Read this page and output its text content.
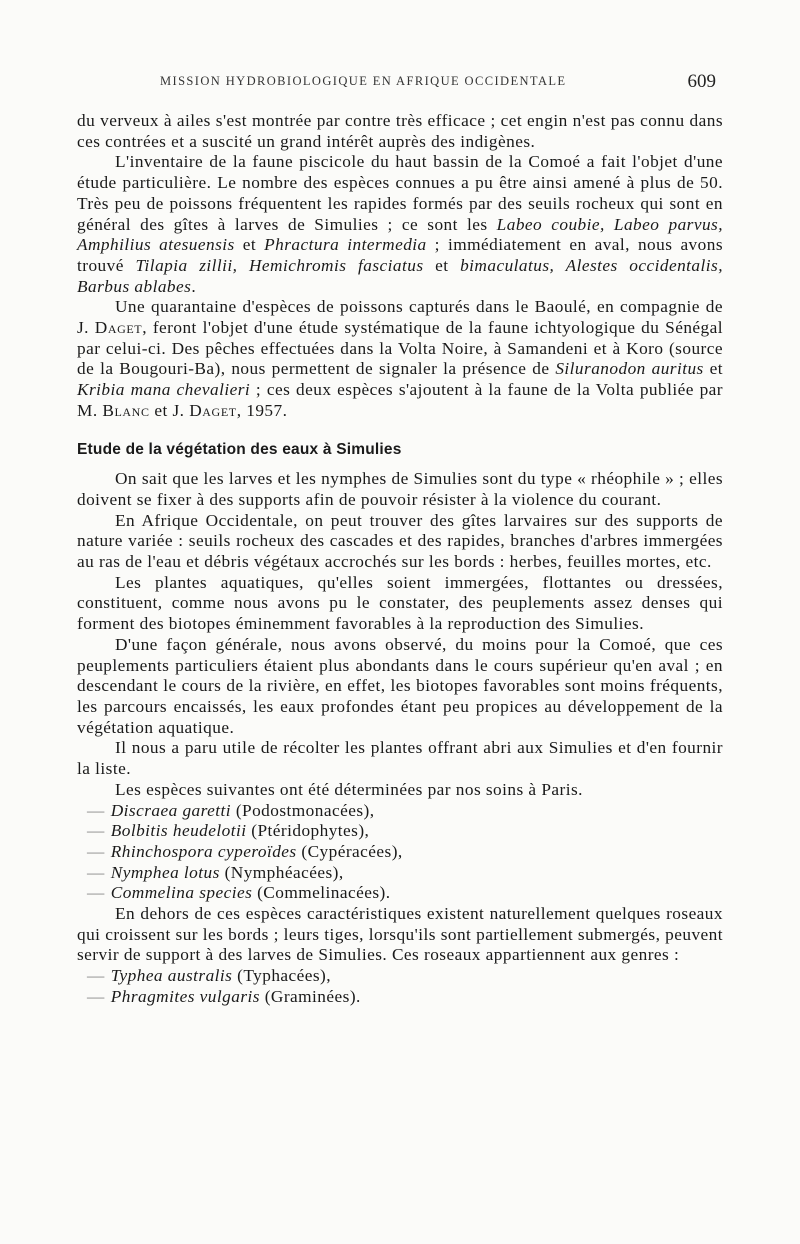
MISSION HYDROBIOLOGIQUE EN AFRIQUE OCCIDENTALE	609

du verveux à ailes s'est montrée par contre très efficace ; cet engin n'est pas connu dans ces contrées et a suscité un grand intérêt auprès des indigènes.

L'inventaire de la faune piscicole du haut bassin de la Comoé a fait l'objet d'une étude particulière. Le nombre des espèces connues a pu être ainsi amené à plus de 50. Très peu de poissons fréquentent les rapides formés par des seuils rocheux qui sont en général des gîtes à larves de Simulies ; ce sont les Labeo coubie, Labeo parvus, Amphilius atesuensis et Phractura intermedia ; immédiatement en aval, nous avons trouvé Tilapia zillii, Hemichromis fasciatus et bimaculatus, Alestes occidentalis, Barbus ablabes.

Une quarantaine d'espèces de poissons capturés dans le Baoulé, en compagnie de J. Daget, feront l'objet d'une étude systématique de la faune ichtyologique du Sénégal par celui-ci. Des pêches effectuées dans la Volta Noire, à Samandeni et à Koro (source de la Bougouri-Ba), nous permettent de signaler la présence de Siluranodon auritus et Kribia mana chevalieri ; ces deux espèces s'ajoutent à la faune de la Volta publiée par M. Blanc et J. Daget, 1957.

Etude de la végétation des eaux à Simulies

On sait que les larves et les nymphes de Simulies sont du type « rhéophile » ; elles doivent se fixer à des supports afin de pouvoir résister à la violence du courant.

En Afrique Occidentale, on peut trouver des gîtes larvaires sur des supports de nature variée : seuils rocheux des cascades et des rapides, branches d'arbres immergées au ras de l'eau et débris végétaux accrochés sur les bords : herbes, feuilles mortes, etc.

Les plantes aquatiques, qu'elles soient immergées, flottantes ou dressées, constituent, comme nous avons pu le constater, des peuplements assez denses qui forment des biotopes éminemment favorables à la reproduction des Simulies.

D'une façon générale, nous avons observé, du moins pour la Comoé, que ces peuplements particuliers étaient plus abondants dans le cours supérieur qu'en aval ; en descendant le cours de la rivière, en effet, les biotopes favorables sont moins fréquents, les parcours encaissés, les eaux profondes étant peu propices au développement de la végétation aquatique.

Il nous a paru utile de récolter les plantes offrant abri aux Simulies et d'en fournir la liste.

Les espèces suivantes ont été déterminées par nos soins à Paris.

— Discraea garetti (Podostmonacées),
— Bolbitis heudelotii (Ptéridophytes),
— Rhinchospora cyperoïdes (Cypéracées),
— Nymphea lotus (Nymphéacées),
— Commelina species (Commelinacées).

En dehors de ces espèces caractéristiques existent naturellement quelques roseaux qui croissent sur les bords ; leurs tiges, lorsqu'ils sont partiellement submergés, peuvent servir de support à des larves de Simulies. Ces roseaux appartiennent aux genres :

— Typhea australis (Typhacées),
— Phragmites vulgaris (Graminées).
